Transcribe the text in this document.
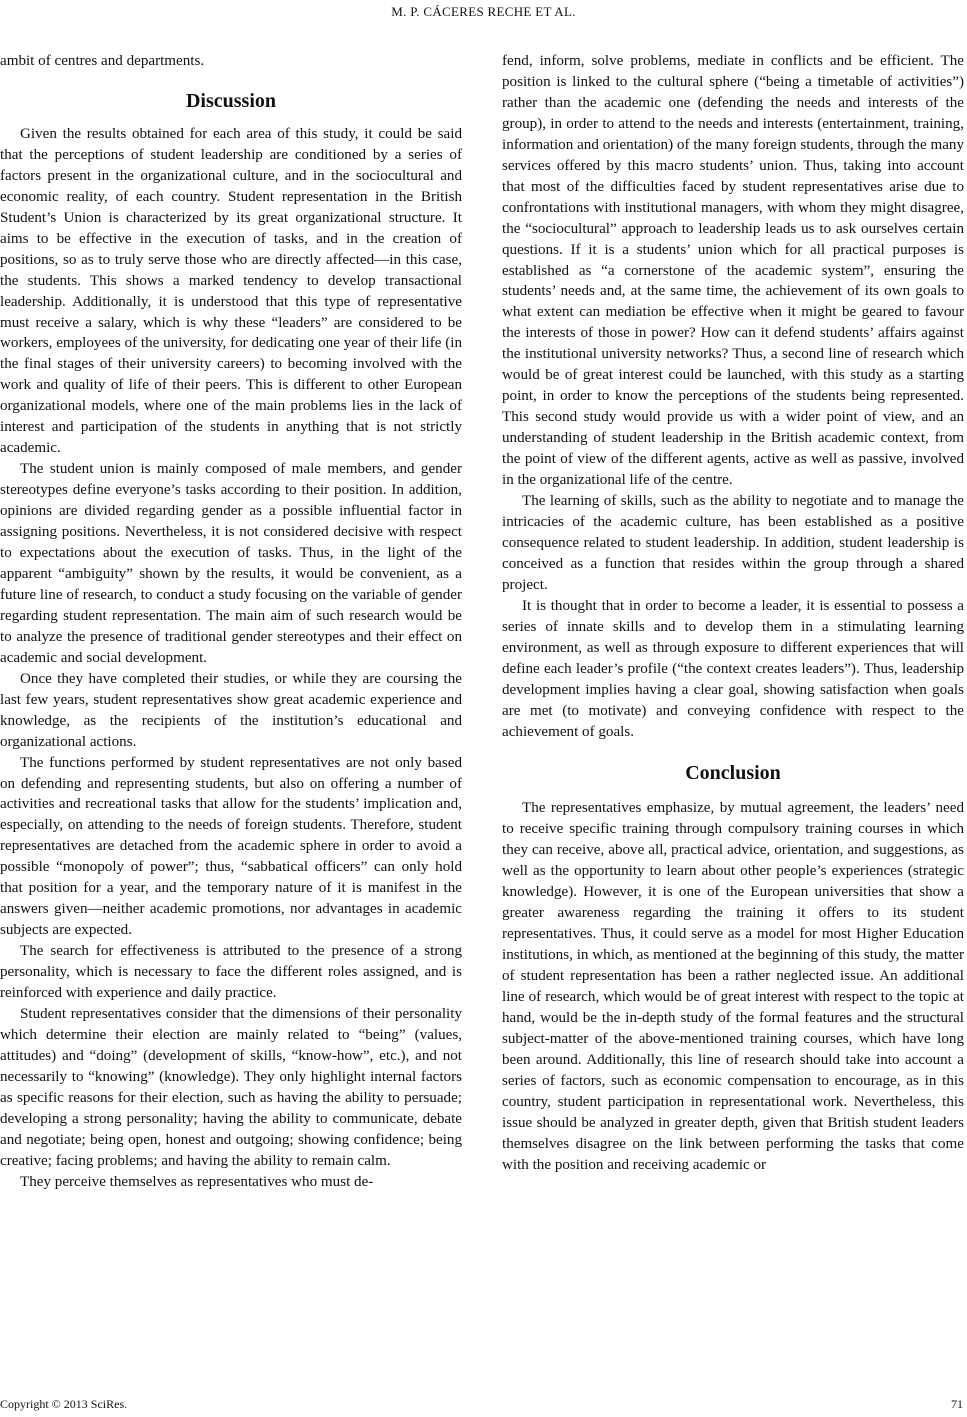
M. P. CÁCERES RECHE ET AL.

ambit of centres and departments.

Discussion

Given the results obtained for each area of this study, it could be said that the perceptions of student leadership are conditioned by a series of factors present in the organizational culture, and in the sociocultural and economic reality, of each country. Student representation in the British Student’s Union is characterized by its great organizational structure. It aims to be effective in the execution of tasks, and in the creation of positions, so as to truly serve those who are directly affected—in this case, the students. This shows a marked tendency to develop transactional leadership. Additionally, it is understood that this type of representative must receive a salary, which is why these “leaders” are considered to be workers, employees of the university, for dedicating one year of their life (in the final stages of their university careers) to becoming involved with the work and quality of life of their peers. This is different to other European organizational models, where one of the main problems lies in the lack of interest and participation of the students in anything that is not strictly academic.

The student union is mainly composed of male members, and gender stereotypes define everyone’s tasks according to their position. In addition, opinions are divided regarding gender as a possible influential factor in assigning positions. Nevertheless, it is not considered decisive with respect to expectations about the execution of tasks. Thus, in the light of the apparent “ambiguity” shown by the results, it would be convenient, as a future line of research, to conduct a study focusing on the variable of gender regarding student representation. The main aim of such research would be to analyze the presence of traditional gender stereotypes and their effect on academic and social development.

Once they have completed their studies, or while they are coursing the last few years, student representatives show great academic experience and knowledge, as the recipients of the institution’s educational and organizational actions.

The functions performed by student representatives are not only based on defending and representing students, but also on offering a number of activities and recreational tasks that allow for the students’ implication and, especially, on attending to the needs of foreign students. Therefore, student representatives are detached from the academic sphere in order to avoid a possible “monopoly of power”; thus, “sabbatical officers” can only hold that position for a year, and the temporary nature of it is manifest in the answers given—neither academic promotions, nor advantages in academic subjects are expected.

The search for effectiveness is attributed to the presence of a strong personality, which is necessary to face the different roles assigned, and is reinforced with experience and daily practice.

Student representatives consider that the dimensions of their personality which determine their election are mainly related to “being” (values, attitudes) and “doing” (development of skills, “know-how”, etc.), and not necessarily to “knowing” (knowledge). They only highlight internal factors as specific reasons for their election, such as having the ability to persuade; developing a strong personality; having the ability to communicate, debate and negotiate; being open, honest and outgoing; showing confidence; being creative; facing problems; and having the ability to remain calm.

They perceive themselves as representatives who must de-

fend, inform, solve problems, mediate in conflicts and be efficient. The position is linked to the cultural sphere (“being a timetable of activities”) rather than the academic one (defending the needs and interests of the group), in order to attend to the needs and interests (entertainment, training, information and orientation) of the many foreign students, through the many services offered by this macro students’ union. Thus, taking into account that most of the difficulties faced by student representatives arise due to confrontations with institutional managers, with whom they might disagree, the “sociocultural” approach to leadership leads us to ask ourselves certain questions. If it is a students’ union which for all practical purposes is established as “a cornerstone of the academic system”, ensuring the students’ needs and, at the same time, the achievement of its own goals to what extent can mediation be effective when it might be geared to favour the interests of those in power? How can it defend students’ affairs against the institutional university networks? Thus, a second line of research which would be of great interest could be launched, with this study as a starting point, in order to know the perceptions of the students being represented. This second study would provide us with a wider point of view, and an understanding of student leadership in the British academic context, from the point of view of the different agents, active as well as passive, involved in the organizational life of the centre.

The learning of skills, such as the ability to negotiate and to manage the intricacies of the academic culture, has been established as a positive consequence related to student leadership. In addition, student leadership is conceived as a function that resides within the group through a shared project.

It is thought that in order to become a leader, it is essential to possess a series of innate skills and to develop them in a stimulating learning environment, as well as through exposure to different experiences that will define each leader’s profile (“the context creates leaders”). Thus, leadership development implies having a clear goal, showing satisfaction when goals are met (to motivate) and conveying confidence with respect to the achievement of goals.

Conclusion

The representatives emphasize, by mutual agreement, the leaders’ need to receive specific training through compulsory training courses in which they can receive, above all, practical advice, orientation, and suggestions, as well as the opportunity to learn about other people’s experiences (strategic knowledge). However, it is one of the European universities that show a greater awareness regarding the training it offers to its student representatives. Thus, it could serve as a model for most Higher Education institutions, in which, as mentioned at the beginning of this study, the matter of student representation has been a rather neglected issue. An additional line of research, which would be of great interest with respect to the topic at hand, would be the in-depth study of the formal features and the structural subject-matter of the above-mentioned training courses, which have long been around. Additionally, this line of research should take into account a series of factors, such as economic compensation to encourage, as in this country, student participation in representational work. Nevertheless, this issue should be analyzed in greater depth, given that British student leaders themselves disagree on the link between performing the tasks that come with the position and receiving academic or

Copyright © 2013 SciRes.	71
